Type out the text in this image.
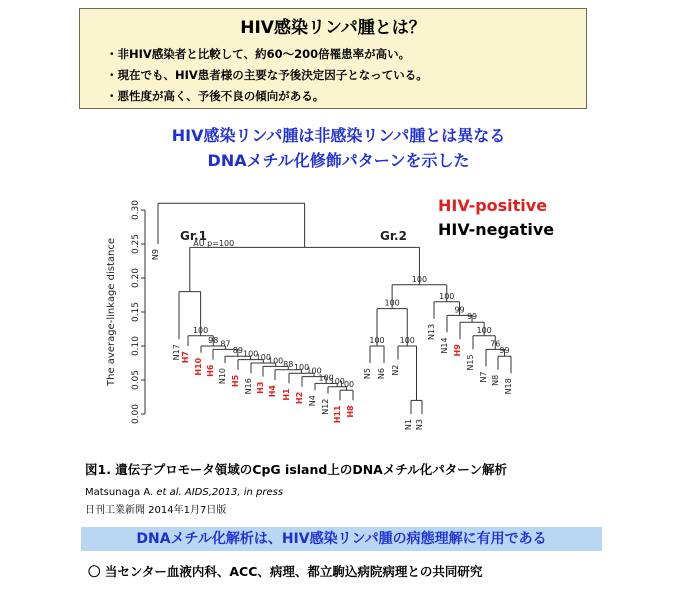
HIV感染リンパ腫とは？
・非HIV感染者と比較して、約60～200倍罹患率が高い。
・現在でも、HIV患者様の主要な予後決定因子となっている。
・悪性度が高く、予後不良の傾向がある。
HIV感染リンパ腫は非感染リンパ腫とは異なる
DNAメチル化修飾パターンを示した
0.00
0.05
0.10
0.15
0.20
0.25
0.30
The average-linkage distance	100
100
100
100
100
88
100
100
100
89
87
98
100
100 100
100
99
76
100
99
99
100
100
AU p=100
Gr.1	Gr.2
N9
N17 H7
H10 H6 N10 H5 N16 H3 H4 H1 H2 N4 N12 H11 H8
N5 N6 N2
N1 N3
N13
N14 H9
N15
N7 N8 N18
HIV-positive
HIV-negative
図1. 遺伝子プロモータ領域のCpG island上のDNAメチル化パターン解析
Matsunaga A. et al. AIDS,2013, in press
日刊工業新聞 2014年1月7日版
DNAメチル化解析は、HIV感染リンパ腫の病態理解に有用である
〇 当センター血液内科、ACC、病理、都立駒込病院病理との共同研究
